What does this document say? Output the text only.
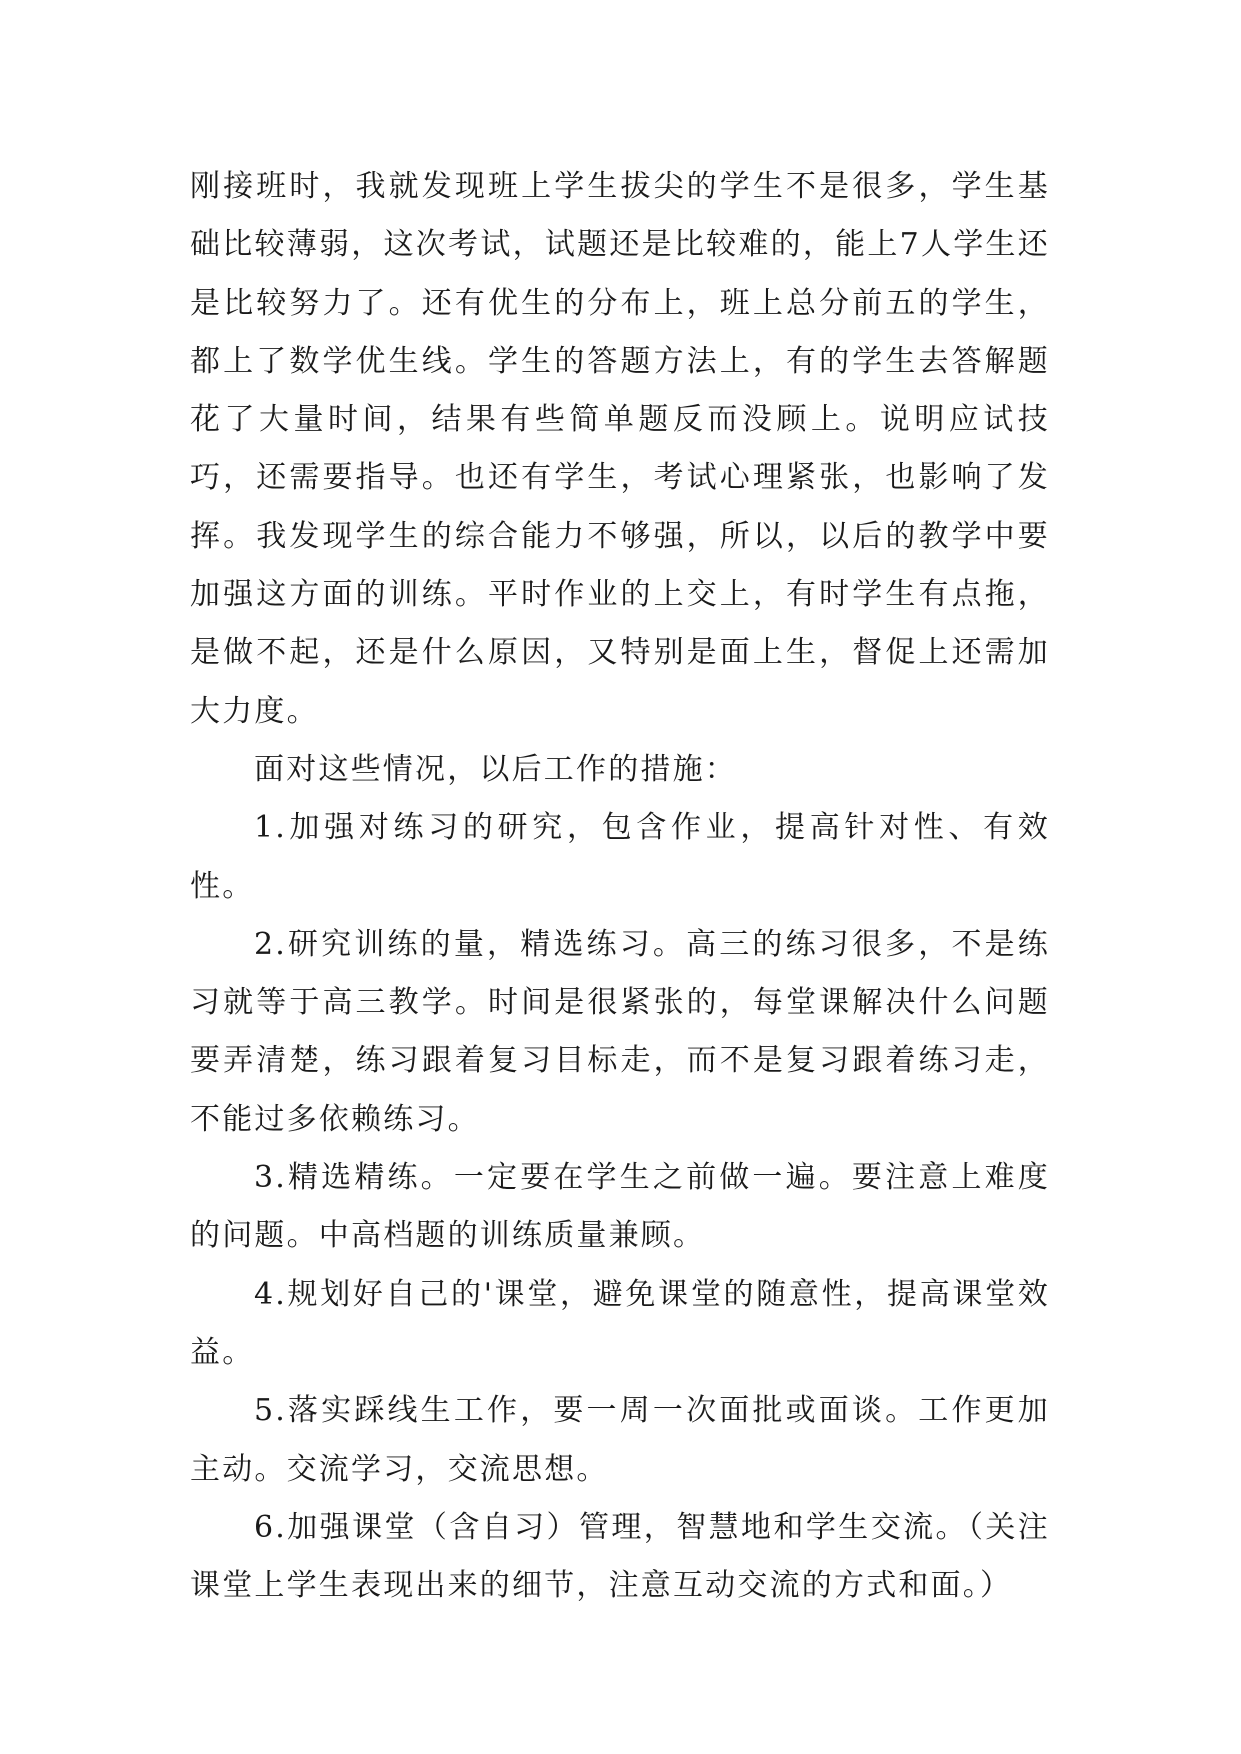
刚接班时，我就发现班上学生拔尖的学生不是很多，学生基础比较薄弱，这次考试，试题还是比较难的，能上7人学生还是比较努力了。还有优生的分布上，班上总分前五的学生，都上了数学优生线。学生的答题方法上，有的学生去答解题花了大量时间，结果有些简单题反而没顾上。说明应试技巧，还需要指导。也还有学生，考试心理紧张，也影响了发挥。我发现学生的综合能力不够强，所以，以后的教学中要加强这方面的训练。平时作业的上交上，有时学生有点拖，是做不起，还是什么原因，又特别是面上生，督促上还需加大力度。

面对这些情况，以后工作的措施：

1.加强对练习的研究，包含作业，提高针对性、有效性。

2.研究训练的量，精选练习。高三的练习很多，不是练习就等于高三教学。时间是很紧张的，每堂课解决什么问题要弄清楚，练习跟着复习目标走，而不是复习跟着练习走，不能过多依赖练习。

3.精选精练。一定要在学生之前做一遍。要注意上难度的问题。中高档题的训练质量兼顾。

4.规划好自己的'课堂，避免课堂的随意性，提高课堂效益。

5.落实踩线生工作，要一周一次面批或面谈。工作更加主动。交流学习，交流思想。

6.加强课堂（含自习）管理，智慧地和学生交流。（关注课堂上学生表现出来的细节，注意互动交流的方式和面。）
